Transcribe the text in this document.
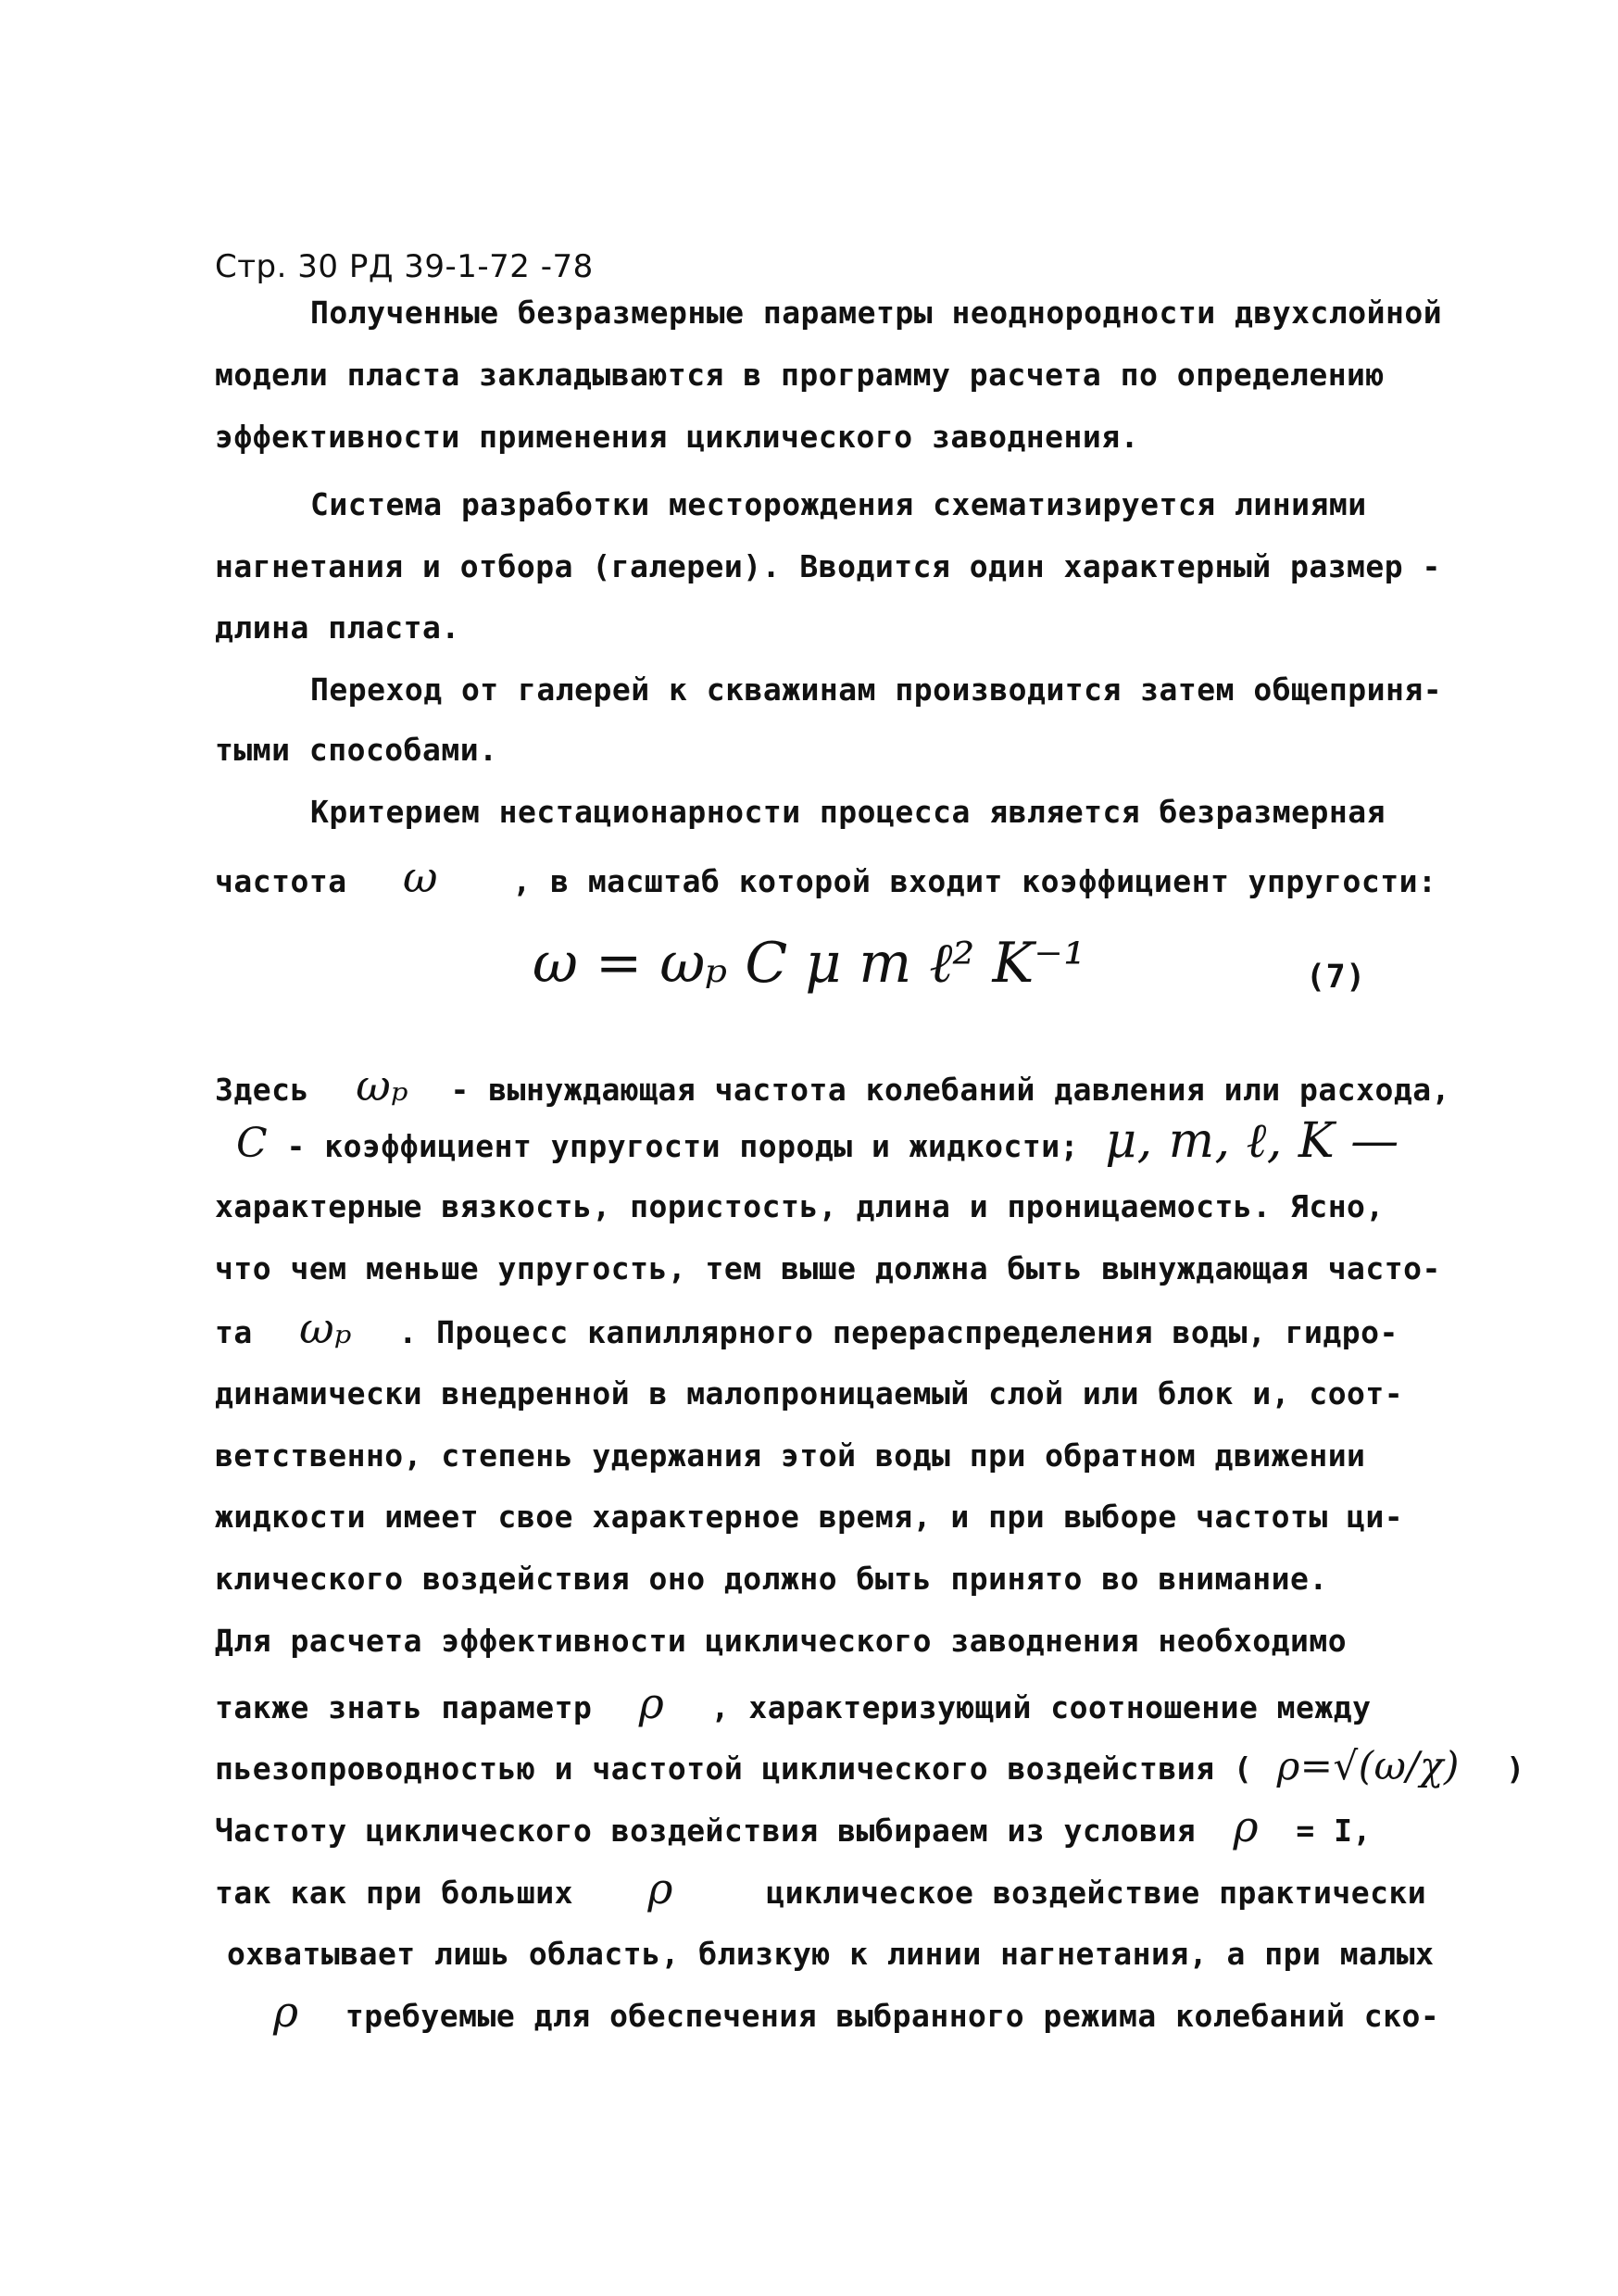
Стр. 30 РД 39-1-72 -78
Полученные безразмерные параметры неоднородности двухслойной
модели пласта закладываются в программу расчета по определению
эффективности применения циклического заводнения.
Система разработки месторождения схематизируется линиями
нагнетания и отбора (галереи). Вводится один характерный размер -
длина пласта.
Переход от галерей к скважинам производится затем общеприня-
тыми способами.
Критерием нестационарности процесса является безразмерная
частота ω , в масштаб которой входит коэффициент упругости:
ω = ωₚ C μ m ℓ² K⁻¹	(7)
Здесь ωₚ - вынуждающая частота колебаний давления или расхода,
C - коэффициент упругости породы и жидкости; μ, m, ℓ, K —
характерные вязкость, пористость, длина и проницаемость. Ясно,
что чем меньше упругость, тем выше должна быть вынуждающая часто-
та ωₚ . Процесс капиллярного перераспределения воды, гидро-
динамически внедренной в малопроницаемый слой или блок и, соот-
ветственно, степень удержания этой воды при обратном движении
жидкости имеет свое характерное время, и при выборе частоты ци-
клического воздействия оно должно быть принято во внимание.
Для расчета эффективности циклического заводнения необходимо
также знать параметр ρ , характеризующий соотношение между
пьезопроводностью и частотой циклического воздействия ( ρ=√(ω/χ) )
Частоту циклического воздействия выбираем из условия ρ = I,
так как при больших ρ	циклическое воздействие практически
охватывает лишь область, близкую к линии нагнетания, а при малых
ρ требуемые для обеспечения выбранного режима колебаний ско-
